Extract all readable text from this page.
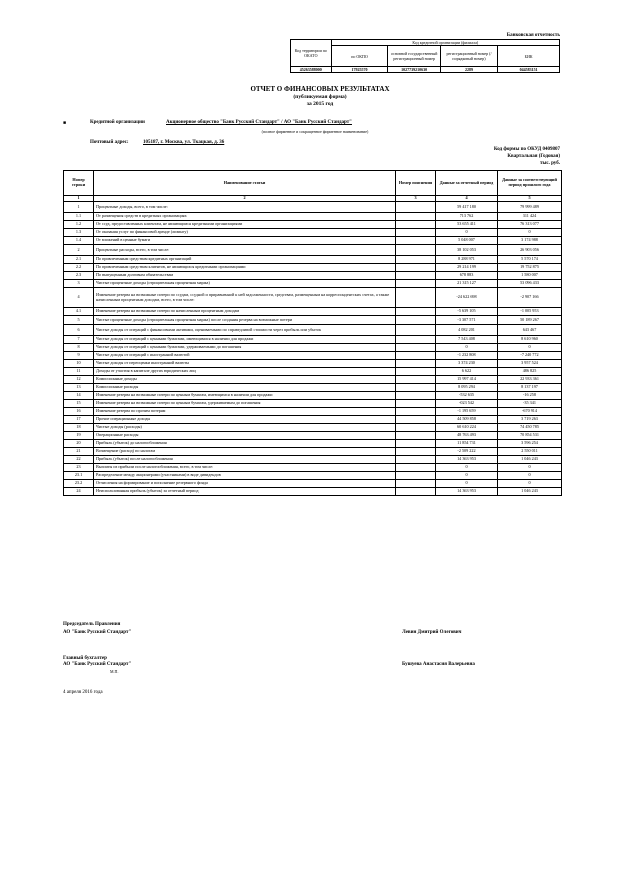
Банковская отчетность
Код территории по ОКАТО	Код кредитной организации (филиала)			
	по ОКПО	основной государственный регистрационный номер	регистрационный номер (/порядковый номер)	БИК
45263588000	17925570	1027739210630	2289	044583151
ОТЧЕТ О ФИНАНСОВЫХ РЕЗУЛЬТАТАХ
(публикуемая форма)
за 2015 год
■	Кредитной организации	Акционерное общество "Банк Русский Стандарт" / АО "Банк Русский Стандарт"
(полное фирменное и сокращенное фирменное наименование)
Почтовый адрес:	105187, г. Москва, ул. Ткацкая, д. 36
Код формы по ОКУД 0409807
Квартальная (Годовая)
тыс. руб.
Номер строки	Наименование статьи	Номер пояснения	Данные за отчетный период	Данные за соответствующий период прошлого года
1	2	3	4	5
1	Процентные доходы, всего, в том числе:		59 417 180	79 999 489
1.1	От размещения средств в кредитных организациях		713 762	311 424
1.2	От ссуд, предоставленных клиентам, не являющимся кредитными организациями		53 655 411	76 313 077
1.3	От оказания услуг по финансовой аренде (лизингу)		0	0
1.4	От вложений в ценные бумаги		5 048 007	3 174 988
2	Процентные расходы, всего, в том числе:		38 102 053	26 903 056
2.1	По привлеченным средствам кредитных организаций		8 288 971	5 570 174
2.2	По привлеченным средствам клиентов, не являющихся кредитными организациями		29 214 199	19 752 875
2.3	По выпущенным долговым обязательствам		678 883	1 580 007
3	Чистые процентные доходы (отрицательная процентная маржа)		21 315 127	53 096 433
4	Изменение резерва на возможные потери по ссудам, ссудной и приравненной к ней задолженности, средствам, размещенным на корреспондентских счетах, а также начисленным процентным доходам, всего, в том числе:		-24 622 698	-2 907 166
4.1	Изменение резерва на возможные потери по начисленным процентным доходам		-5 639 105	-1 005 953
5	Чистые процентные доходы (отрицательная процентная маржа) после создания резерва на возможные потери		-3 307 571	50 189 267
6	Чистые доходы от операций с финансовыми активами, оцениваемыми по справедливой стоимости через прибыль или убыток		4 082 201	643 467
7	Чистые доходы от операций с ценными бумагами, имеющимися в наличии для продажи		7 543 408	8 610 960
8	Чистые доходы от операций с ценными бумагами, удерживаемыми до погашения		0	0
9	Чистые доходы от операций с иностранной валютой		-1 232 808	-7 240 772
10	Чистые доходы от переоценки иностранной валюты		3 374 230	3 957 524
11	Доходы от участия в капитале других юридических лиц		6 622	486 825
12	Комиссионные доходы		15 997 414	22 933 361
13	Комиссионные расходы		8 095 294	8 137 197
14	Изменение резерва на возможные потери по ценным бумагам, имеющимся в наличии для продажи		-532 635	-16 258
15	Изменение резерва на возможные потери по ценным бумагам, удерживаемым до погашения		-023 542	-35 341
16	Изменение резерва по прочим потерям		-1 195 659	-670 914
17	Прочие операционные доходы		44 509 858	3 719 263
18	Чистые доходы (расходы)		60 610 224	74 450 785
19	Операционные расходы		48 763 493	70 854 531
20	Прибыль (убыток) до налогообложения		11 854 731	3 596 254
21	Возмещение (расход) по налогам		-2 509 222	2 550 011
22	Прибыль (убыток) после налогообложения		14 363 953	1 046 243
23	Выплаты из прибыли после налогообложения, всего, в том числе:		0	0
23.1	Распределение между акционерами (участниками) в виде дивидендов		0	0
23.2	Отчисления на формирование и пополнение резервного фонда		0	0
24	Неиспользованная прибыль (убыток) за отчетный период		14 363 953	1 046 243
Председатель Правления
АО "Банк Русский Стандарт"	Левин Дмитрий Олегович
Главный бухгалтер
АО "Банк Русский Стандарт"
М.П.
Бушуева Анастасия Валерьевна
4 апреля 2016 года
